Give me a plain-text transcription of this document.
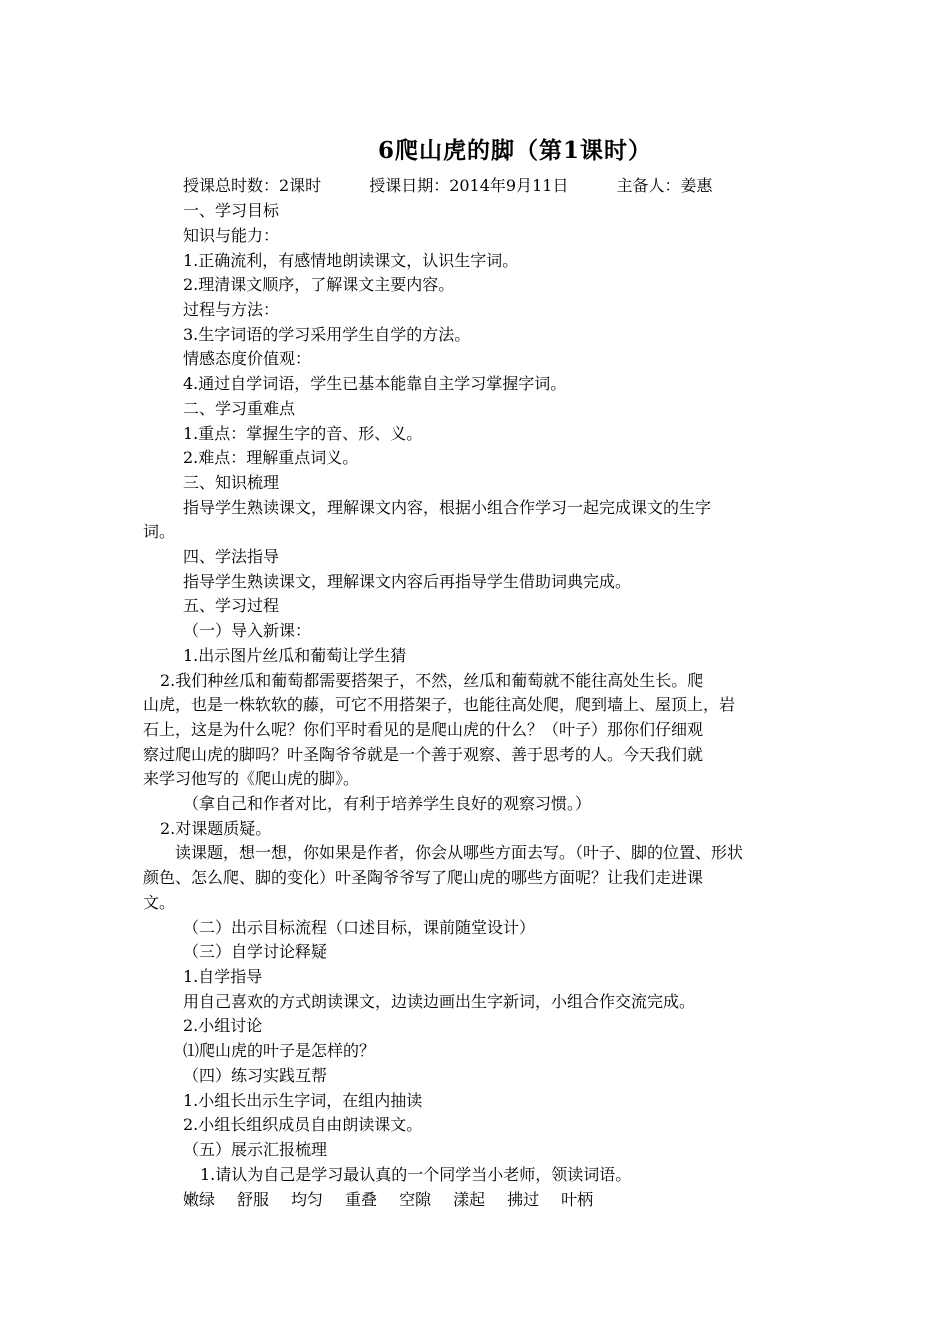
6爬山虎的脚（第1课时）
授课总时数：2课时	授课日期：2014年9月11日	主备人：姜惠
一、学习目标
知识与能力：
1.正确流利，有感情地朗读课文，认识生字词。
2.理清课文顺序，了解课文主要内容。
过程与方法：
3.生字词语的学习采用学生自学的方法。
情感态度价值观：
4.通过自学词语，学生已基本能靠自主学习掌握字词。
二、学习重难点
1.重点：掌握生字的音、形、义。
2.难点：理解重点词义。
三、知识梳理
指导学生熟读课文，理解课文内容，根据小组合作学习一起完成课文的生字
词。
四、学法指导
指导学生熟读课文，理解课文内容后再指导学生借助词典完成。
五、学习过程
（一）导入新课：
1.出示图片丝瓜和葡萄让学生猜
2.我们种丝瓜和葡萄都需要搭架子，不然，丝瓜和葡萄就不能往高处生长。爬
山虎，也是一株软软的藤，可它不用搭架子，也能往高处爬，爬到墙上、屋顶上，岩
石上，这是为什么呢？你们平时看见的是爬山虎的什么？（叶子）那你们仔细观
察过爬山虎的脚吗？叶圣陶爷爷就是一个善于观察、善于思考的人。今天我们就
来学习他写的《爬山虎的脚》。
（拿自己和作者对比，有利于培养学生良好的观察习惯。）
2.对课题质疑。
读课题，想一想，你如果是作者，你会从哪些方面去写。（叶子、脚的位置、形状
颜色、怎么爬、脚的变化）叶圣陶爷爷写了爬山虎的哪些方面呢？让我们走进课
文。
（二）出示目标流程（口述目标，课前随堂设计）
（三）自学讨论释疑
1.自学指导
用自己喜欢的方式朗读课文，边读边画出生字新词，小组合作交流完成。
2.小组讨论
⑴爬山虎的叶子是怎样的？
（四）练习实践互帮
1.小组长出示生字词，在组内抽读
2.小组长组织成员自由朗读课文。
（五）展示汇报梳理
1.请认为自己是学习最认真的一个同学当小老师，领读词语。
嫩绿 舒服 均匀 重叠 空隙 漾起 拂过 叶柄
